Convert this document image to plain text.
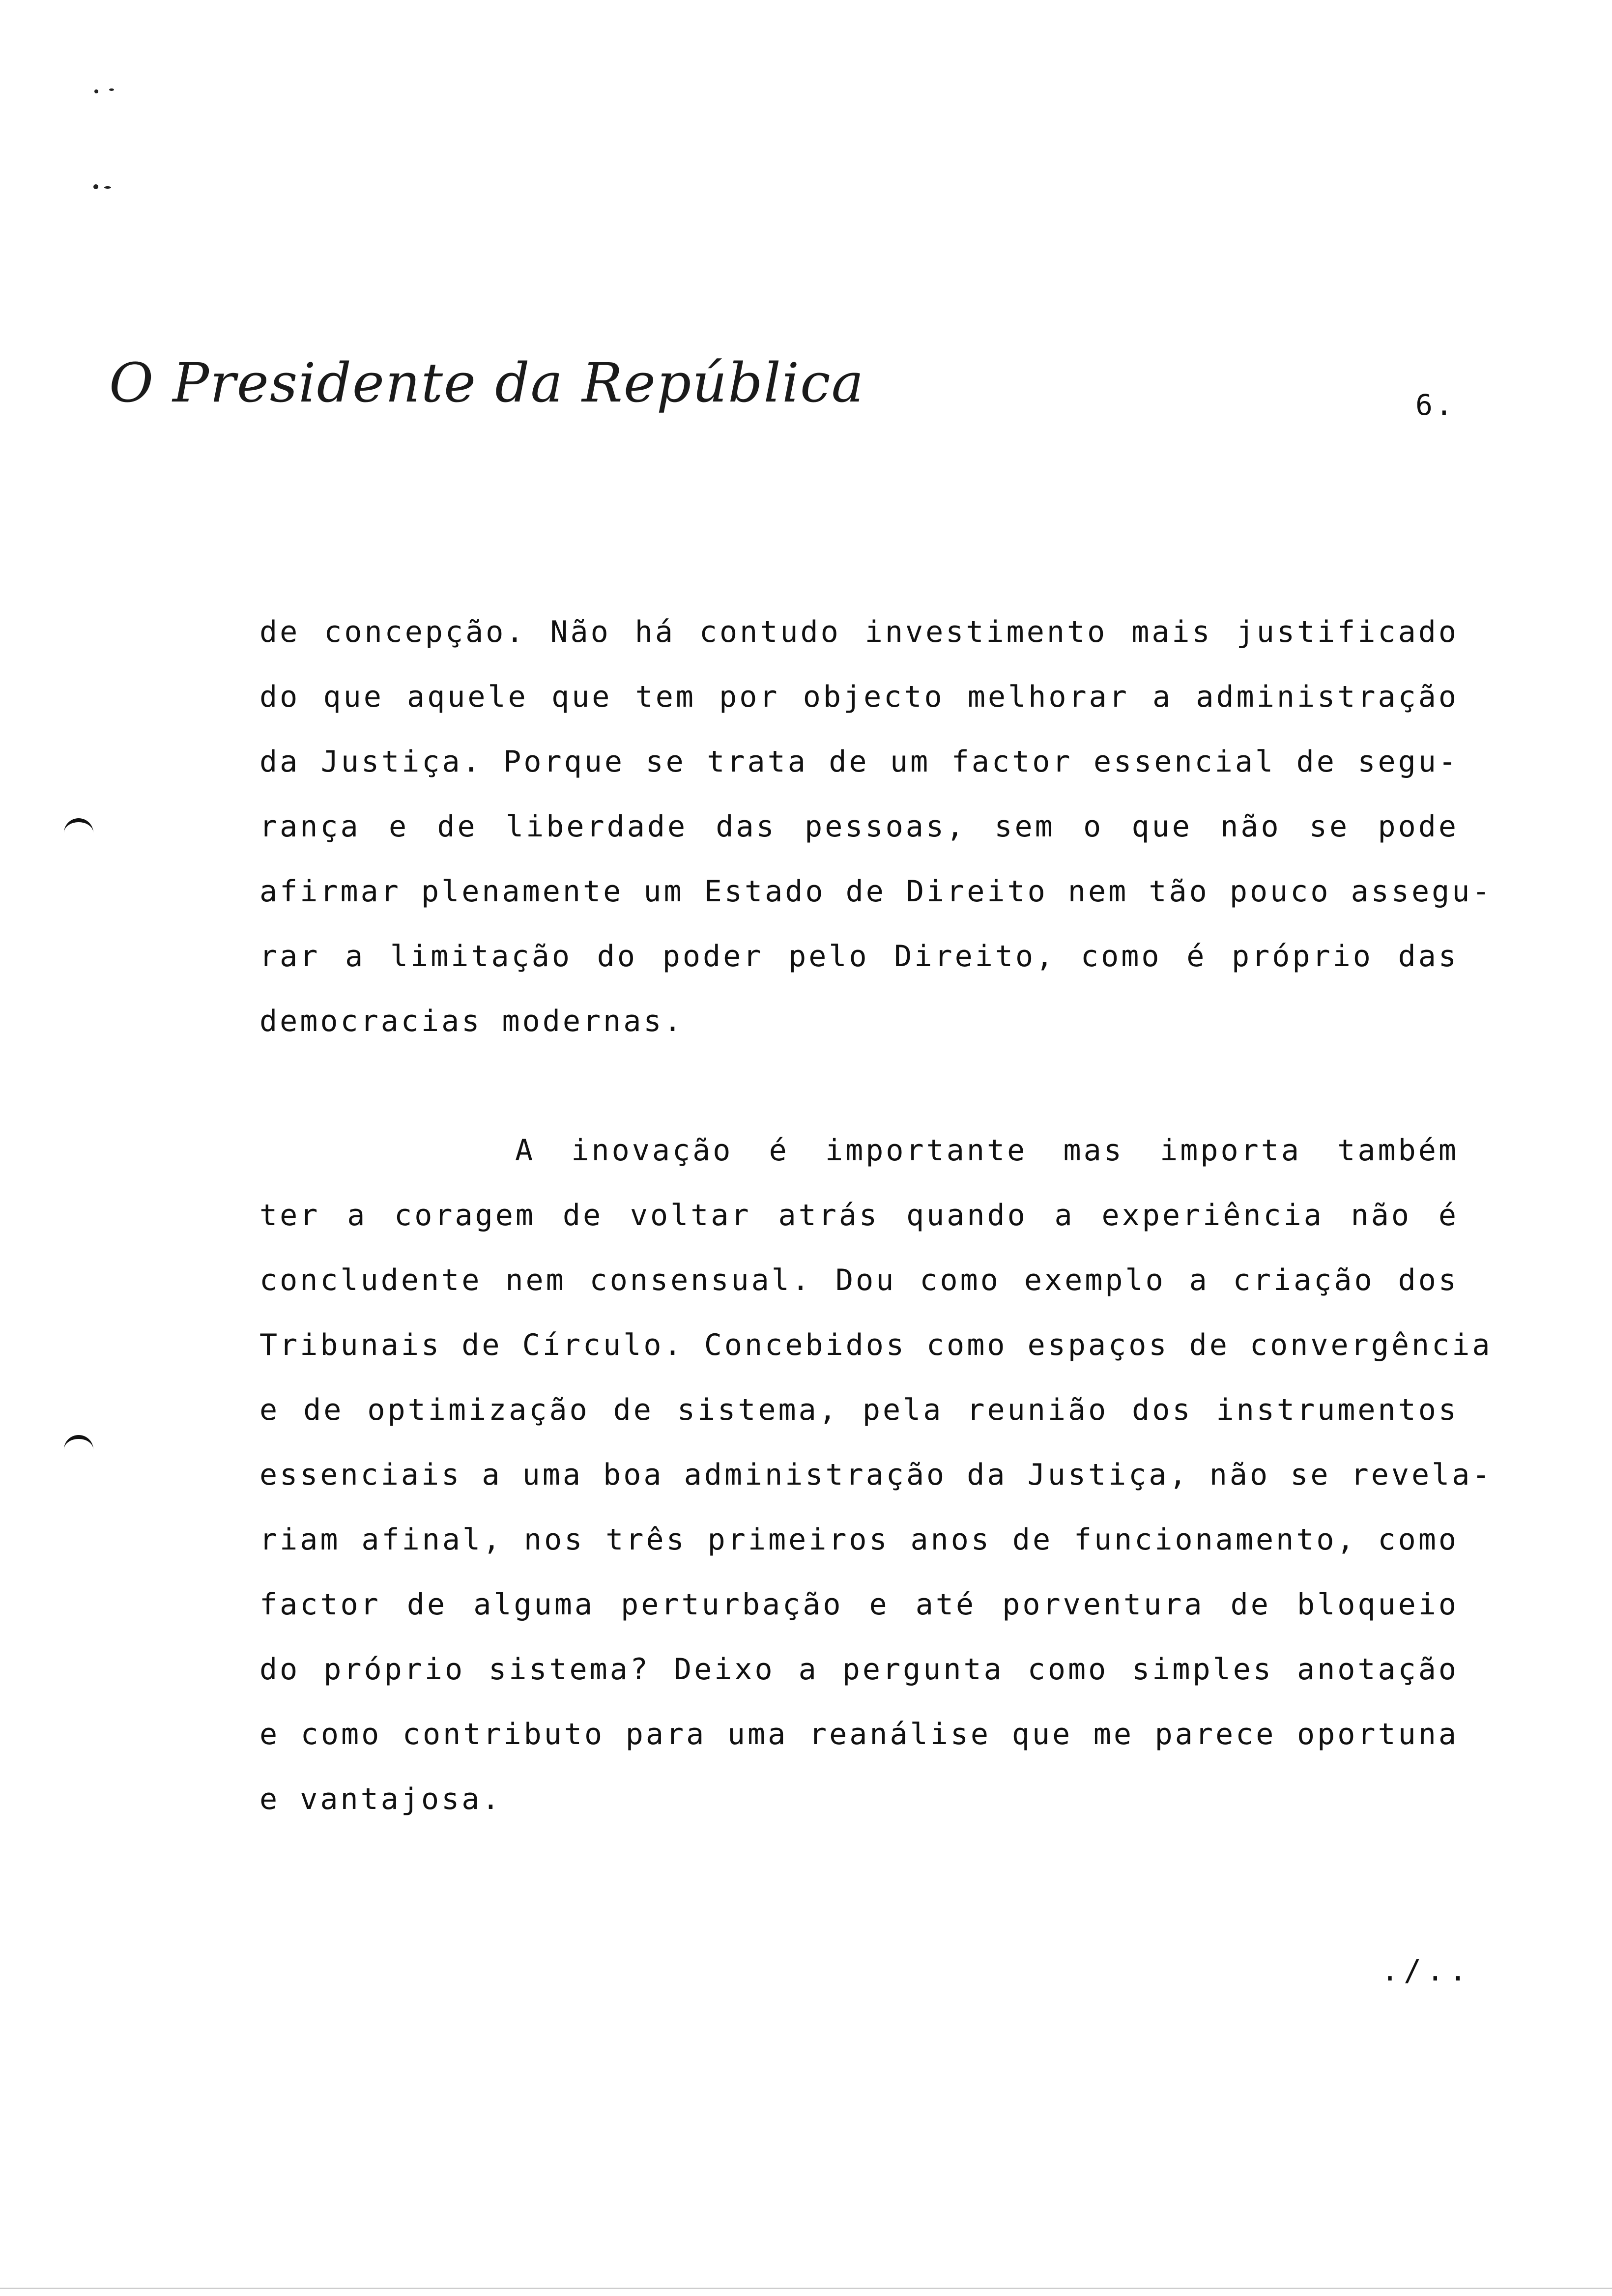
O Presidente da República	6.
de concepção. Não há contudo investimento mais justificado
do que aquele que tem por objecto melhorar a administração
da Justiça. Porque se trata de um factor essencial de segu-
rança e de liberdade das pessoas, sem o que não se pode
afirmar plenamente um Estado de Direito nem tão pouco assegu-
rar a limitação do poder pelo Direito, como é próprio das
democracias modernas.
A inovação é importante mas importa também
ter a coragem de voltar atrás quando a experiência não é
concludente nem consensual. Dou como exemplo a criação dos
Tribunais de Círculo. Concebidos como espaços de convergência
e de optimização de sistema, pela reunião dos instrumentos
essenciais a uma boa administração da Justiça, não se revela-
riam afinal, nos três primeiros anos de funcionamento, como
factor de alguma perturbação e até porventura de bloqueio
do próprio sistema? Deixo a pergunta como simples anotação
e como contributo para uma reanálise que me parece oportuna
e vantajosa.
./..
